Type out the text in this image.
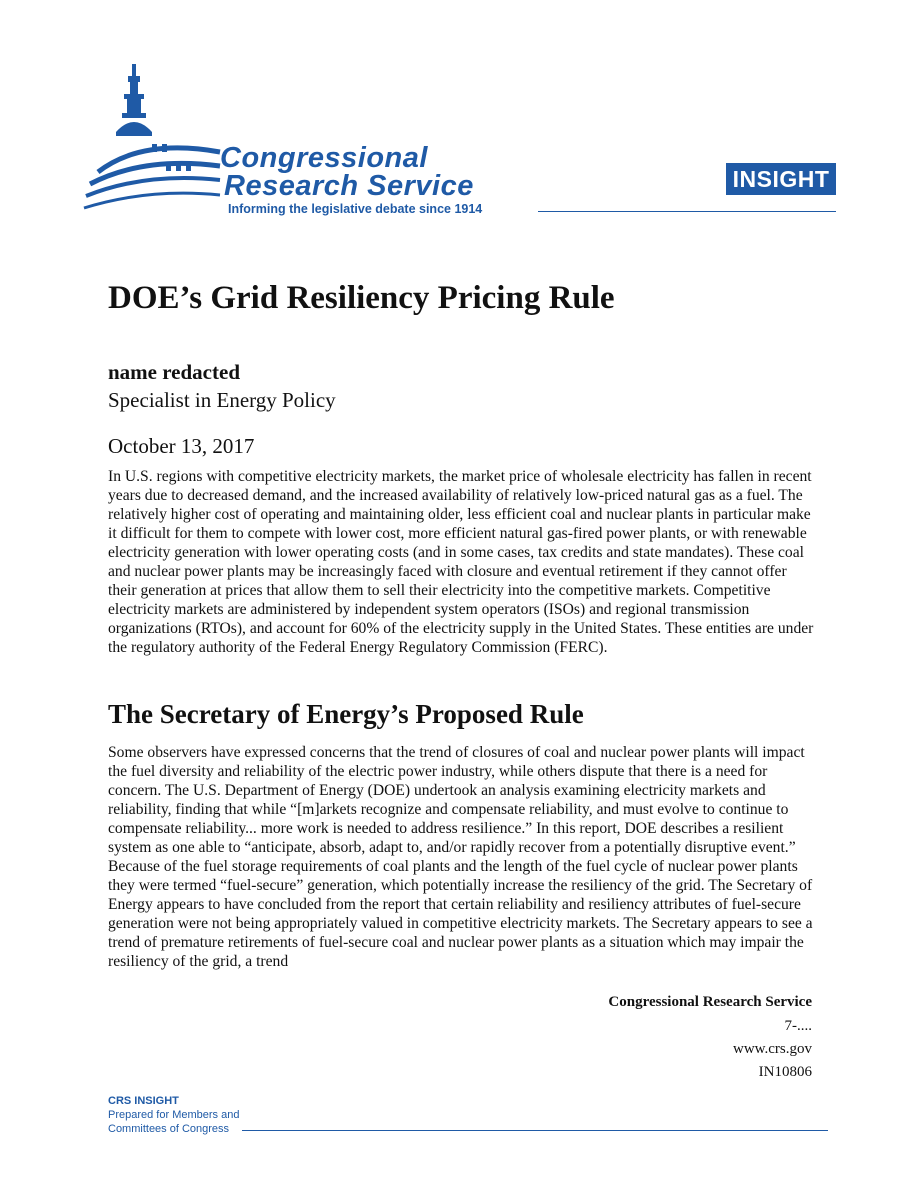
Congressional
Research Service
Informing the legislative debate since 1914
INSIGHT
DOE’s Grid Resiliency Pricing Rule
name redacted
Specialist in Energy Policy
October 13, 2017

In U.S. regions with competitive electricity markets, the market price of wholesale electricity has fallen in recent years due to decreased demand, and the increased availability of relatively low-priced natural gas as a fuel. The relatively higher cost of operating and maintaining older, less efficient coal and nuclear plants in particular make it difficult for them to compete with lower cost, more efficient natural gas-fired power plants, or with renewable electricity generation with lower operating costs (and in some cases, tax credits and state mandates). These coal and nuclear power plants may be increasingly faced with closure and eventual retirement if they cannot offer their generation at prices that allow them to sell their electricity into the competitive markets. Competitive electricity markets are administered by independent system operators (ISOs) and regional transmission organizations (RTOs), and account for 60% of the electricity supply in the United States. These entities are under the regulatory authority of the Federal Energy Regulatory Commission (FERC).

The Secretary of Energy’s Proposed Rule

Some observers have expressed concerns that the trend of closures of coal and nuclear power plants will impact the fuel diversity and reliability of the electric power industry, while others dispute that there is a need for concern. The U.S. Department of Energy (DOE) undertook an analysis examining electricity markets and reliability, finding that while “[m]arkets recognize and compensate reliability, and must evolve to continue to compensate reliability... more work is needed to address resilience.” In this report, DOE describes a resilient system as one able to “anticipate, absorb, adapt to, and/or rapidly recover from a potentially disruptive event.” Because of the fuel storage requirements of coal plants and the length of the fuel cycle of nuclear power plants they were termed “fuel-secure” generation, which potentially increase the resiliency of the grid. The Secretary of Energy appears to have concluded from the report that certain reliability and resiliency attributes of fuel-secure generation were not being appropriately valued in competitive electricity markets. The Secretary appears to see a trend of premature retirements of fuel-secure coal and nuclear power plants as a situation which may impair the resiliency of the grid, a trend

Congressional Research Service
7-....
www.crs.gov
IN10806
CRS INSIGHT
Prepared for Members and
Committees of Congress
